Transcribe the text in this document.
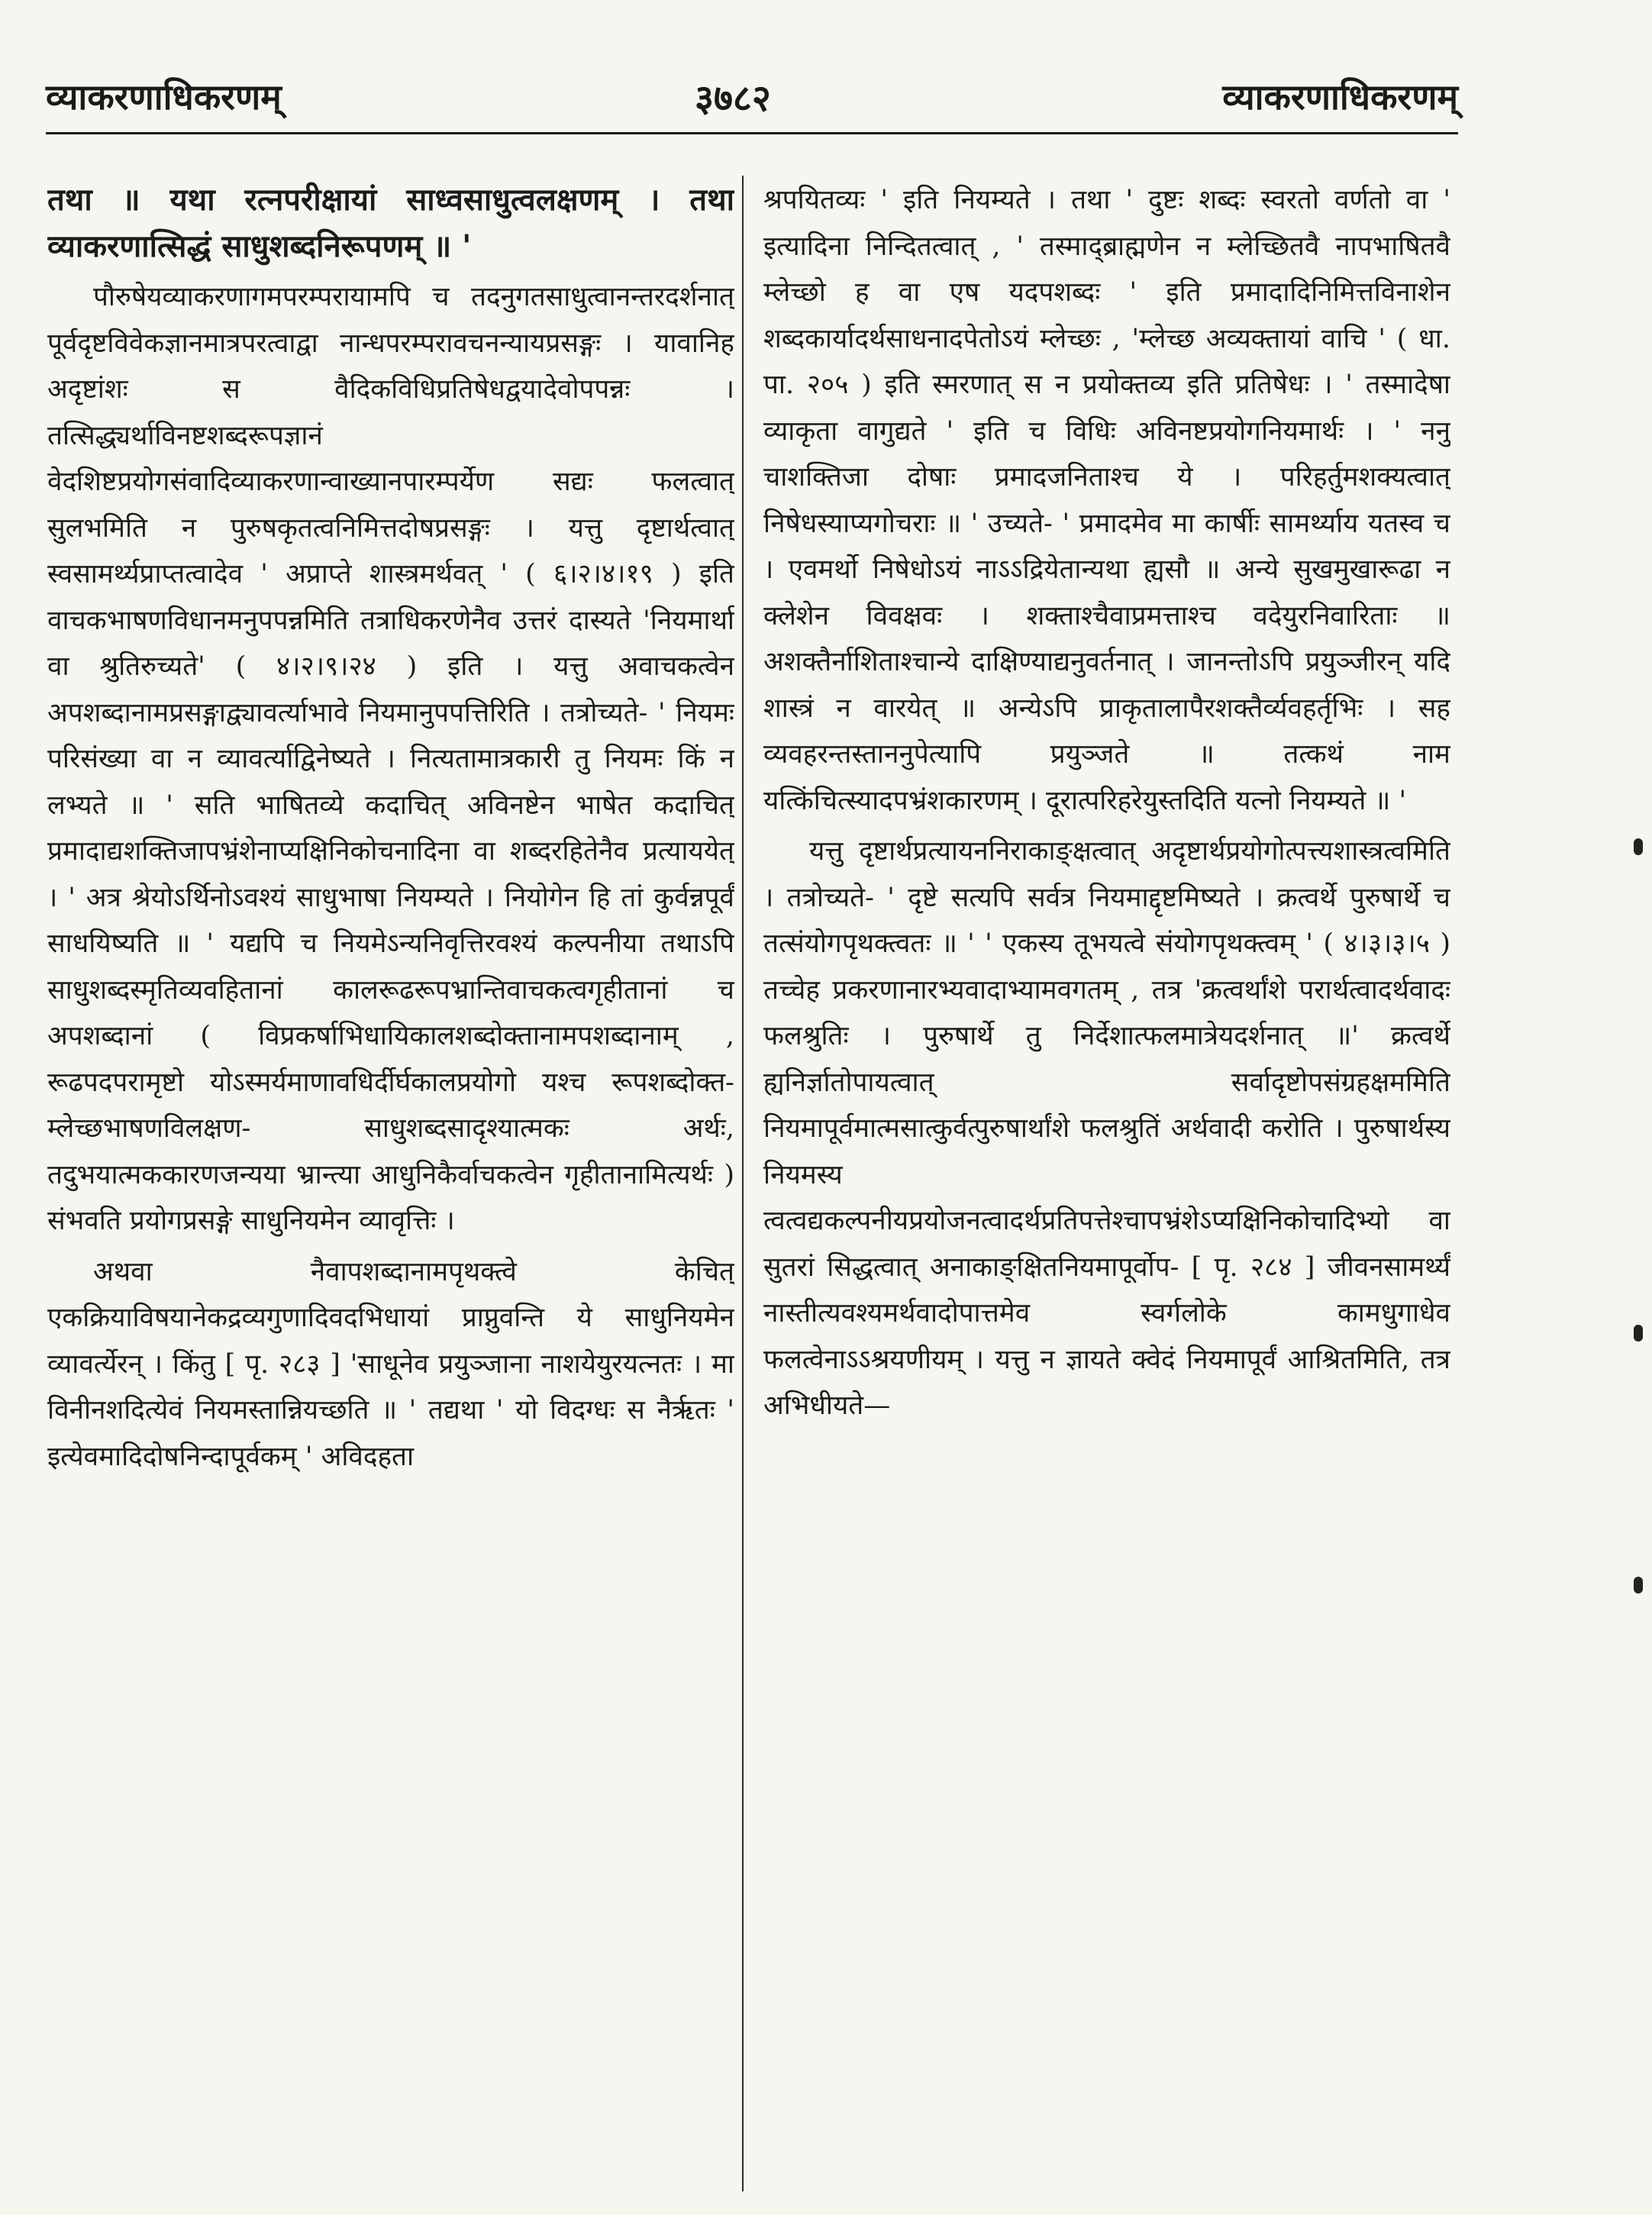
व्याकरणाधिकरणम्	३७८२	व्याकरणाधिकरणम्

तथा ॥ यथा रत्नपरीक्षायां साध्वसाधुत्वलक्षणम् । तथा व्याकरणात्सिद्धं साधुशब्दनिरूपणम् ॥ '

पौरुषेयव्याकरणागमपरम्परायामपि च तदनुगतसाधुत्वानन्तरदर्शनात् पूर्वदृष्टविवेकज्ञानमात्रपरत्वाद्वा नान्धपरम्परावचनन्यायप्रसङ्गः । यावानिह अदृष्टांशः स वैदिकविधिप्रतिषेधद्वयादेवोपपन्नः । तत्सिद्ध्यर्थाविनष्टशब्दरूपज्ञानं वेदशिष्टप्रयोगसंवादिव्याकरणान्वाख्यानपारम्पर्येण सद्यः फलत्वात् सुलभमिति न पुरुषकृतत्वनिमित्तदोषप्रसङ्गः । यत्तु दृष्टार्थत्वात् स्वसामर्थ्यप्राप्तत्वादेव ' अप्राप्ते शास्त्रमर्थवत् ' ( ६।२।४।१९ ) इति वाचकभाषणविधानमनुपपन्नमिति तत्राधिकरणेनैव उत्तरं दास्यते 'नियमार्था वा श्रुतिरुच्यते' ( ४।२।९।२४ ) इति । यत्तु अवाचकत्वेन अपशब्दानामप्रसङ्गाद्व्यावर्त्याभावे नियमानुपपत्तिरिति । तत्रोच्यते- ' नियमः परिसंख्या वा न व्यावर्त्याद्विनेष्यते । नित्यतामात्रकारी तु नियमः किं न लभ्यते ॥ ' सति भाषितव्ये कदाचित् अविनष्टेन भाषेत कदाचित् प्रमादाद्यशक्तिजापभ्रंशेनाप्यक्षिनिकोचनादिना वा शब्दरहितेनैव प्रत्याययेत् । ' अत्र श्रेयोऽर्थिनोऽवश्यं साधुभाषा नियम्यते । नियोगेन हि तां कुर्वन्नपूर्वं साधयिष्यति ॥ ' यद्यपि च नियमेऽन्यनिवृत्तिरवश्यं कल्पनीया तथाऽपि साधुशब्दस्मृतिव्यवहितानां कालरूढरूपभ्रान्तिवाचकत्वगृहीतानां च अपशब्दानां ( विप्रकर्षाभिधायिकालशब्दोक्तानामपशब्दानाम् , रूढपदपरामृष्टो योऽस्मर्यमाणावधिर्दीर्घकालप्रयोगो यश्च रूपशब्दोक्त-म्लेच्छभाषणविलक्षण- साधुशब्दसादृश्यात्मकः अर्थः, तदुभयात्मककारणजन्यया भ्रान्त्या आधुनिकैर्वाचकत्वेन गृहीतानामित्यर्थः ) संभवति प्रयोगप्रसङ्गे साधुनियमेन व्यावृत्तिः ।

अथवा नैवापशब्दानामपृथक्त्वे केचित् एकक्रियाविषयानेकद्रव्यगुणादिवदभिधायां प्राप्नुवन्ति ये साधुनियमेन व्यावर्त्येरन् । किंतु [ पृ. २८३ ] 'साधूनेव प्रयुञ्जाना नाशयेयुरयत्नतः । मा विनीनशदित्येवं नियमस्तान्नियच्छति ॥ ' तद्यथा ' यो विदग्धः स नैर्ऋतः ' इत्येवमादिदोषनिन्दापूर्वकम् ' अविदहता

श्रपयितव्यः ' इति नियम्यते । तथा ' दुष्टः शब्दः स्वरतो वर्णतो वा ' इत्यादिना निन्दितत्वात् , ' तस्माद्ब्राह्मणेन न म्लेच्छितवै नापभाषितवै म्लेच्छो ह वा एष यदपशब्दः ' इति प्रमादादिनिमित्तविनाशेन शब्दकार्यादर्थसाधनादपेतोऽयं म्लेच्छः , 'म्लेच्छ अव्यक्तायां वाचि ' ( धा. पा. २०५ ) इति स्मरणात् स न प्रयोक्तव्य इति प्रतिषेधः । ' तस्मादेषा व्याकृता वागुद्यते ' इति च विधिः अविनष्टप्रयोगनियमार्थः । ' ननु चाशक्तिजा दोषाः प्रमादजनिताश्च ये । परिहर्तुमशक्यत्वात् निषेधस्याप्यगोचराः ॥ ' उच्यते- ' प्रमादमेव मा कार्षीः सामर्थ्याय यतस्व च । एवमर्थो निषेधोऽयं नाऽऽद्रियेतान्यथा ह्यसौ ॥ अन्ये सुखमुखारूढा न क्लेशेन विवक्षवः । शक्ताश्चैवाप्रमत्ताश्च वदेयुरनिवारिताः ॥ अशक्तैर्नाशिताश्चान्ये दाक्षिण्याद्यनुवर्तनात् । जानन्तोऽपि प्रयुञ्जीरन् यदि शास्त्रं न वारयेत् ॥ अन्येऽपि प्राकृतालापैरशक्तैर्व्यवहर्तृभिः । सह व्यवहरन्तस्ताननुपेत्यापि प्रयुञ्जते ॥ तत्कथं नाम यत्किंचित्स्यादपभ्रंशकारणम् । दूरात्परिहरेयुस्तदिति यत्नो नियम्यते ॥ '

यत्तु दृष्टार्थप्रत्यायननिराकाङ्क्षत्वात् अदृष्टार्थप्रयोगोत्पत्त्यशास्त्रत्वमिति । तत्रोच्यते- ' दृष्टे सत्यपि सर्वत्र नियमाद्दृष्टमिष्यते । क्रत्वर्थे पुरुषार्थे च तत्संयोगपृथक्त्वतः ॥ ' ' एकस्य तूभयत्वे संयोगपृथक्त्वम् ' ( ४।३।३।५ ) तच्चेह प्रकरणानारभ्यवादाभ्यामवगतम् , तत्र 'क्रत्वर्थांशे परार्थत्वादर्थवादः फलश्रुतिः । पुरुषार्थे तु निर्देशात्फलमात्रेयदर्शनात् ॥' क्रत्वर्थे ह्यनिर्ज्ञातोपायत्वात् सर्वादृष्टोपसंग्रहक्षममिति नियमापूर्वमात्मसात्कुर्वत्पुरुषार्थांशे फलश्रुतिं अर्थवादी करोति । पुरुषार्थस्य नियमस्य त्वत्वद्यकल्पनीयप्रयोजनत्वादर्थप्रतिपत्तेश्चापभ्रंशेऽप्यक्षिनिकोचादिभ्यो वा सुतरां सिद्धत्वात् अनाकाङ्क्षितनियमापूर्वोप- [ पृ. २८४ ] जीवनसामर्थ्यं नास्तीत्यवश्यमर्थवादोपात्तमेव स्वर्गलोके कामधुगाधेव फलत्वेनाऽऽश्रयणीयम् । यत्तु न ज्ञायते क्वेदं नियमापूर्वं आश्रितमिति, तत्र अभिधीयते—
